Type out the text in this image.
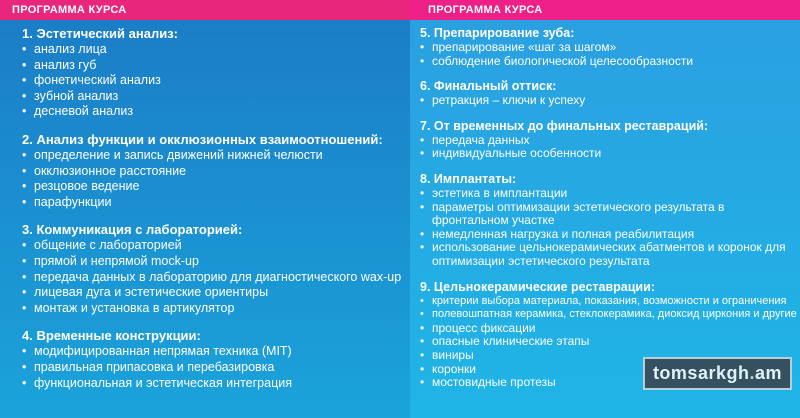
ПРОГРАММА КУРСА
1. Эстетический анализ:
• анализ лица
• анализ губ
• фонетический анализ
• зубной анализ
• десневой анализ
2. Анализ функции и окклюзионных взаимоотношений:
• определение и запись движений нижней челюсти
• окклюзионное расстояние
• резцовое ведение
• парафункции
3. Коммуникация с лабораторией:
• общение с лабораторией
• прямой и непрямой mock-up
• передача данных в лабораторию для диагностического wax-up
• лицевая дуга и эстетические ориентиры
• монтаж и установка в артикулятор
4. Временные конструкции:
• модифицированная непрямая техника (MIT)
• правильная припасовка и перебазировка
• функциональная и эстетическая интеграция
ПРОГРАММА КУРСА
5. Препарирование зуба:
• препарирование «шаг за шагом»
• соблюдение биологической целесообразности
6. Финальный оттиск:
• ретракция – ключи к успеху
7. От временных до финальных реставраций:
• передача данных
• индивидуальные особенности
8. Имплантаты:
• эстетика в имплантации
• параметры оптимизации эстетического результата в фронтальном участке
• немедленная нагрузка и полная реабилитация
• использование цельнокерамических абатментов и коронок для оптимизации эстетического результата
9. Цельнокерамические реставрации:
• критерии выбора материала, показания, возможности и ограничения
• полевошпатная керамика, стеклокерамика, диоксид циркония и другие
• процесс фиксации
• опасные клинические этапы
• виниры
• коронки
• мостовидные протезы	tomsarkgh.am
